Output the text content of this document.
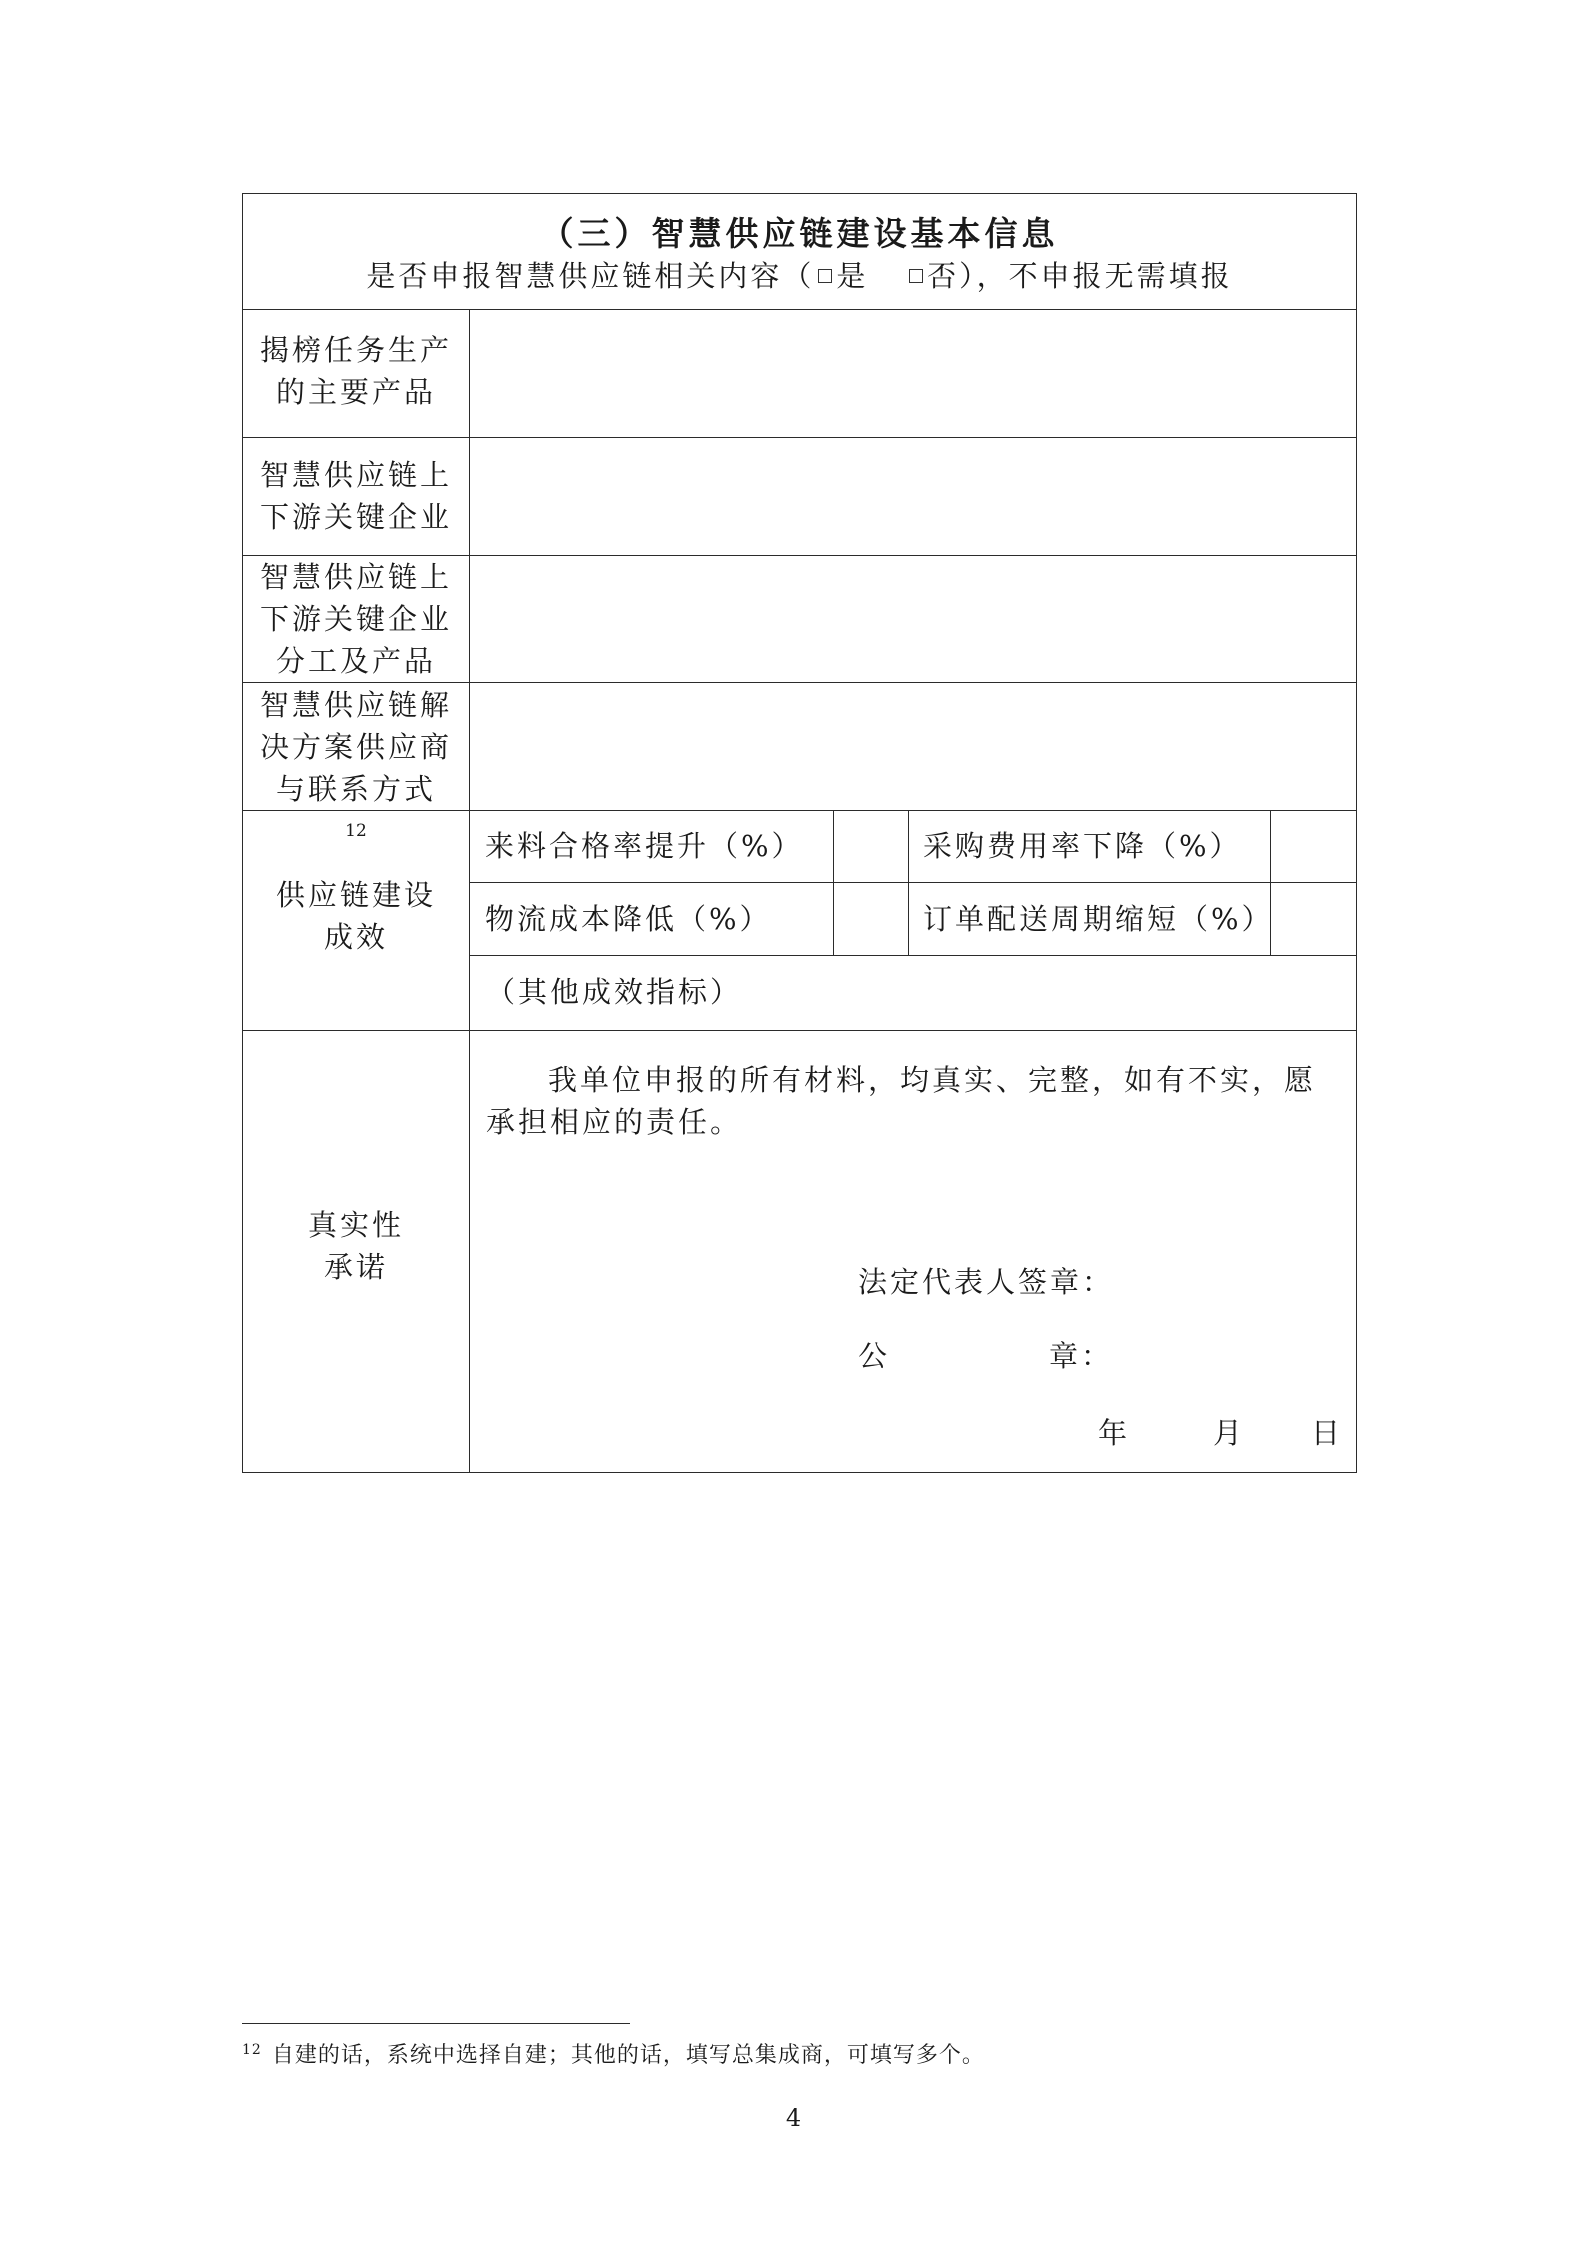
（三）智慧供应链建设基本信息
是否申报智慧供应链相关内容（ 是 否），不申报无需填报
揭榜任务生产
的主要产品
智慧供应链上
下游关键企业
智慧供应链上
下游关键企业
分工及产品
智慧供应链解
决方案供应商
与联系方式
12
供应链建设
成效
真实性
承诺
来料合格率提升（%）	采购费用率下降（%）
物流成本降低（%）	订单配送周期缩短（%）
（其他成效指标）
我单位申报的所有材料，均真实、完整，如有不实，愿承担相应的责任。
法定代表人签章：
公	章：
年	月 日
$^{12}$ 自建的话，系统中选择自建；其他的话，填写总集成商，可填写多个。
4
